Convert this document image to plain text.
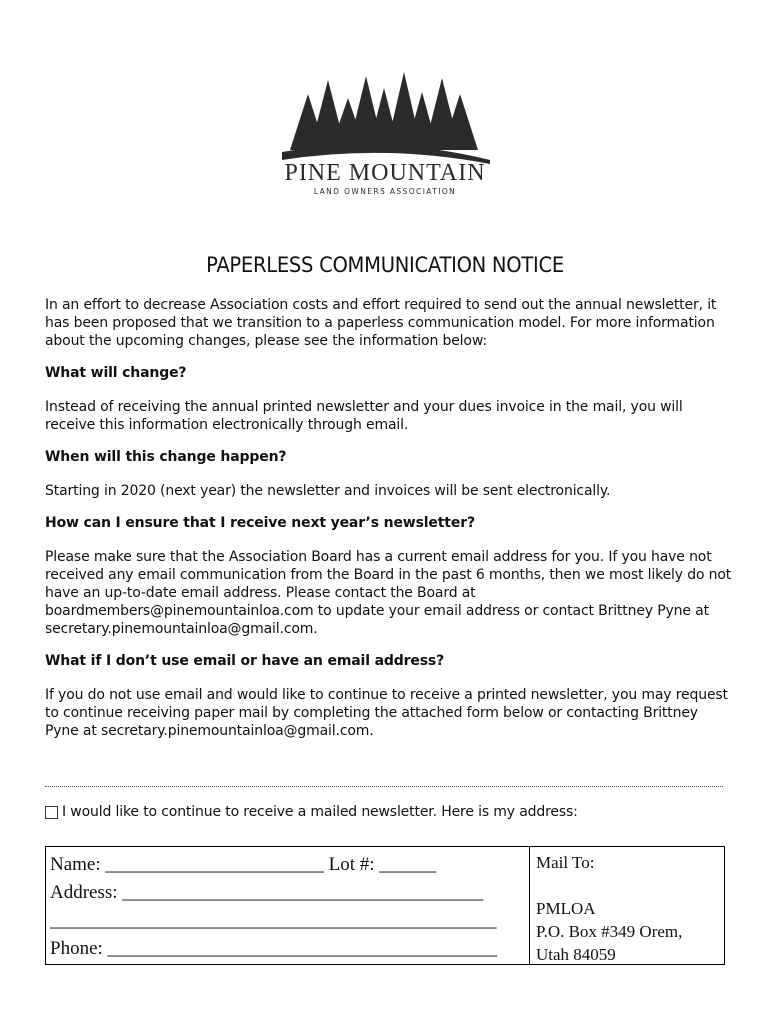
PINE MOUNTAIN
LAND OWNERS ASSOCIATION
PAPERLESS COMMUNICATION NOTICE

In an effort to decrease Association costs and effort required to send out the annual newsletter, it has been proposed that we transition to a paperless communication model. For more information about the upcoming changes, please see the information below:

What will change?

Instead of receiving the annual printed newsletter and your dues invoice in the mail, you will receive this information electronically through email.

When will this change happen?

Starting in 2020 (next year) the newsletter and invoices will be sent electronically.

How can I ensure that I receive next year’s newsletter?

Please make sure that the Association Board has a current email address for you. If you have not received any email communication from the Board in the past 6 months, then we most likely do not have an up-to-date email address. Please contact the Board at boardmembers@pinemountainloa.com to update your email address or contact Brittney Pyne at secretary.pinemountainloa@gmail.com.

What if I don’t use email or have an email address?

If you do not use email and would like to continue to receive a printed newsletter, you may request to continue receiving paper mail by completing the attached form below or contacting Brittney Pyne at secretary.pinemountainloa@gmail.com.

I would like to continue to receive a mailed newsletter. Here is my address:
Name: _______________________ Lot #: ______
Address: ______________________________________
_______________________________________________
Phone: _________________________________________
Mail To:
PMLOA
P.O. Box #349 Orem,
Utah 84059
